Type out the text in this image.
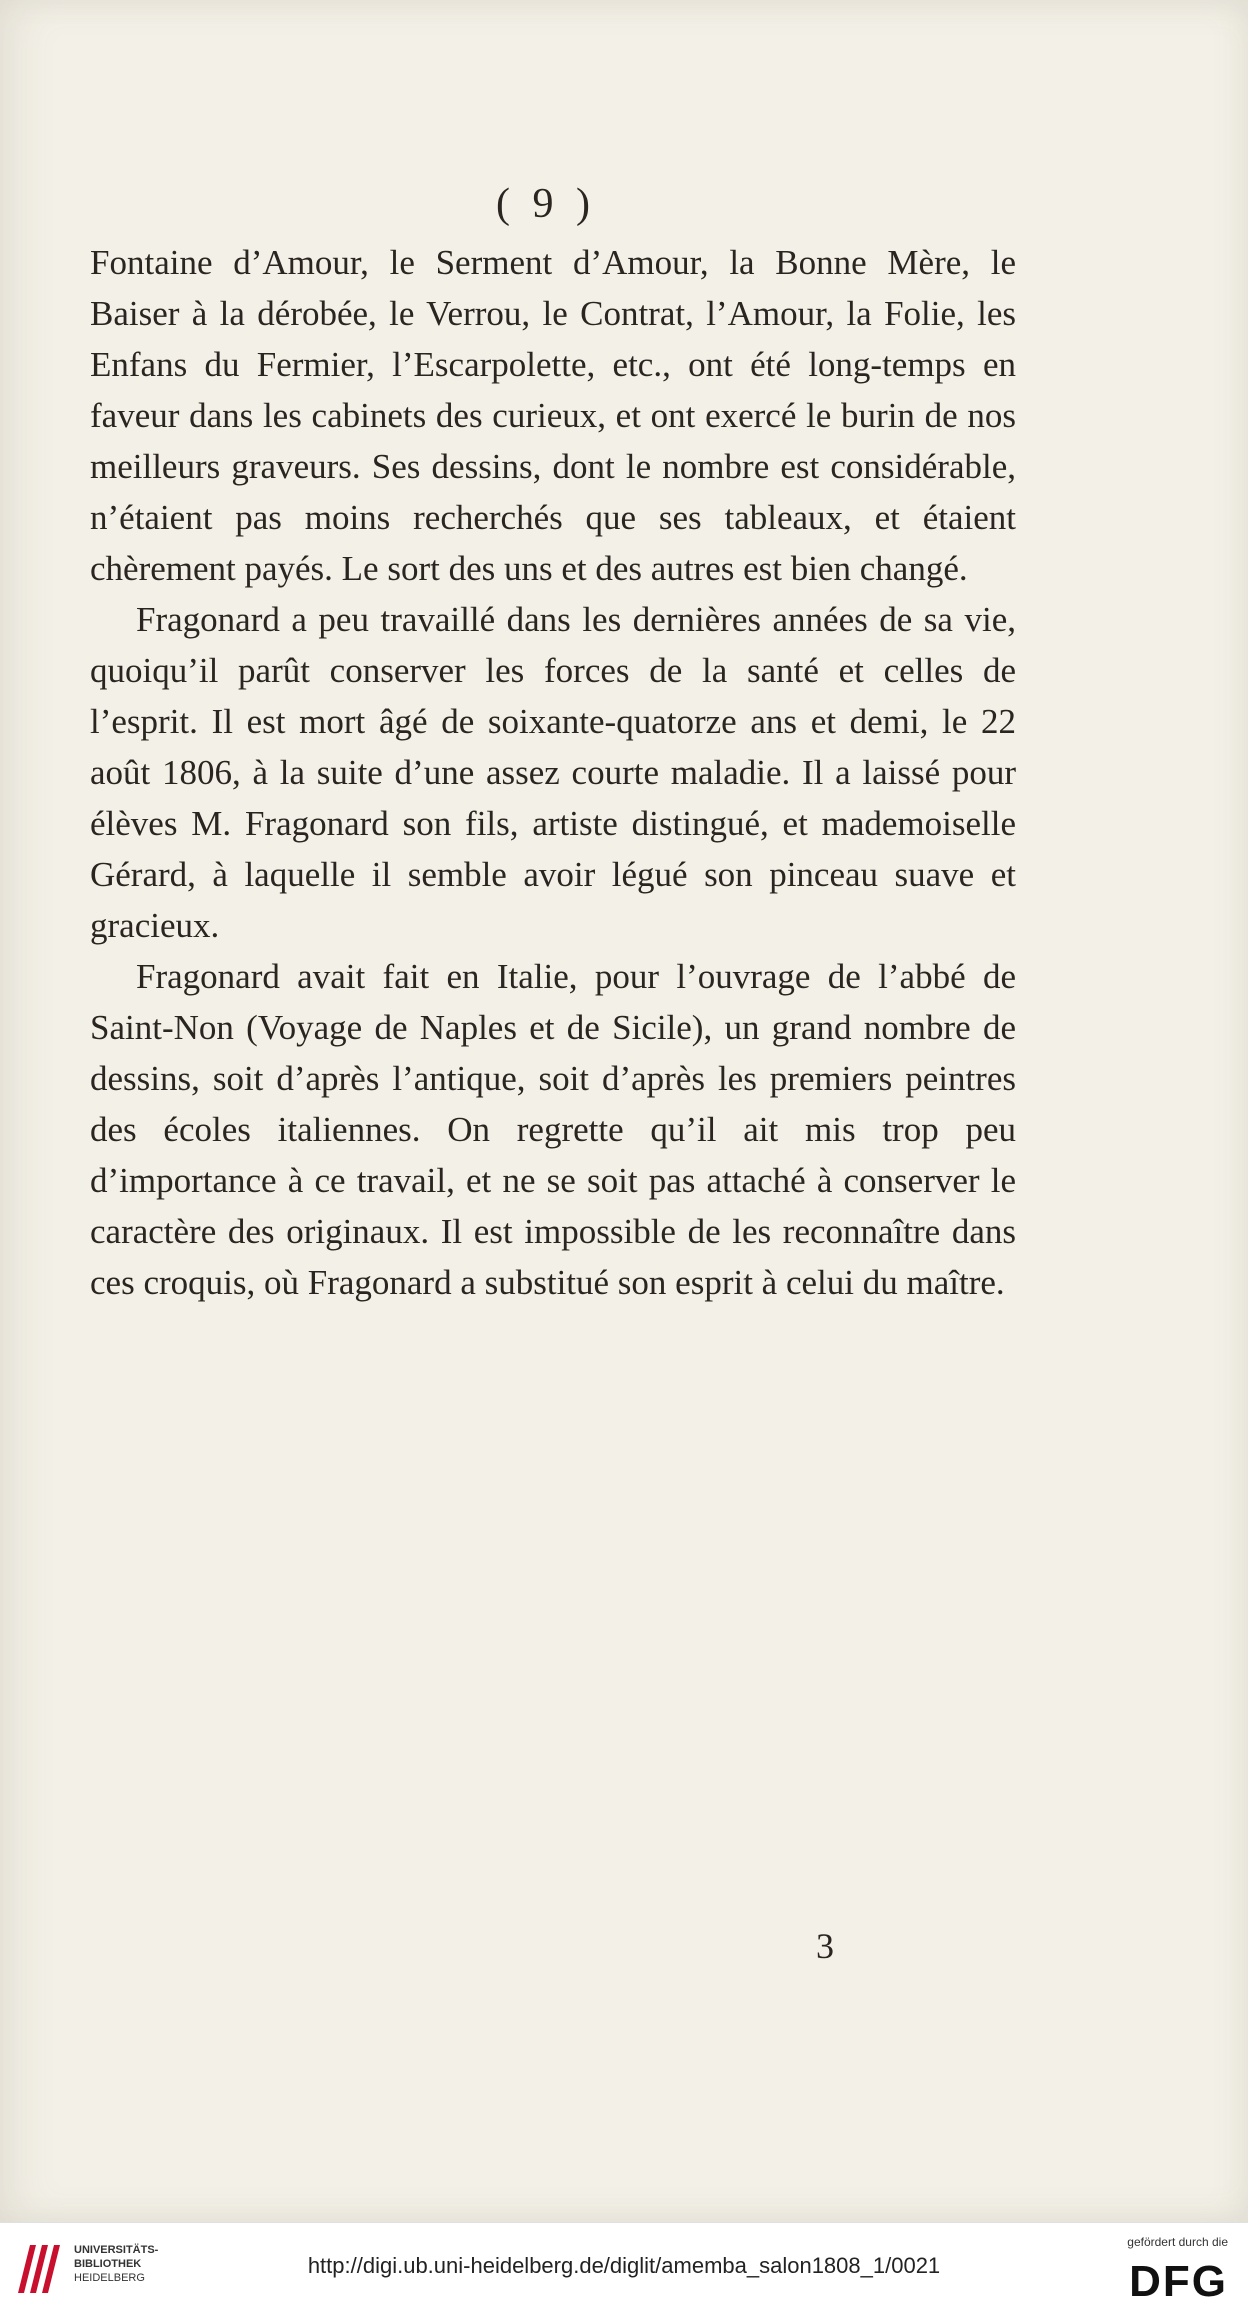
( 9 )

Fontaine d’Amour, le Serment d’Amour, la Bonne Mère, le Baiser à la dérobée, le Verrou, le Contrat, l’Amour, la Folie, les Enfans du Fermier, l’Escarpolette, etc., ont été long-temps en faveur dans les cabinets des curieux, et ont exercé le burin de nos meilleurs graveurs. Ses dessins, dont le nombre est considérable, n’étaient pas moins recherchés que ses tableaux, et étaient chèrement payés. Le sort des uns et des autres est bien changé.

Fragonard a peu travaillé dans les dernières années de sa vie, quoiqu’il parût conserver les forces de la santé et celles de l’esprit. Il est mort âgé de soixante-quatorze ans et demi, le 22 août 1806, à la suite d’une assez courte maladie. Il a laissé pour élèves M. Fragonard son fils, artiste distingué, et mademoiselle Gérard, à laquelle il semble avoir légué son pinceau suave et gracieux.

Fragonard avait fait en Italie, pour l’ouvrage de l’abbé de Saint-Non (Voyage de Naples et de Sicile), un grand nombre de dessins, soit d’après l’antique, soit d’après les premiers peintres des écoles italiennes. On regrette qu’il ait mis trop peu d’importance à ce travail, et ne se soit pas attaché à conserver le caractère des originaux. Il est impossible de les reconnaître dans ces croquis, où Fragonard a substitué son esprit à celui du maître.

3
UNIVERSITÄTS-
BIBLIOTHEK
HEIDELBERG	http://digi.ub.uni-heidelberg.de/diglit/amemba_salon1808_1/0021
gefördert durch die
DFG
